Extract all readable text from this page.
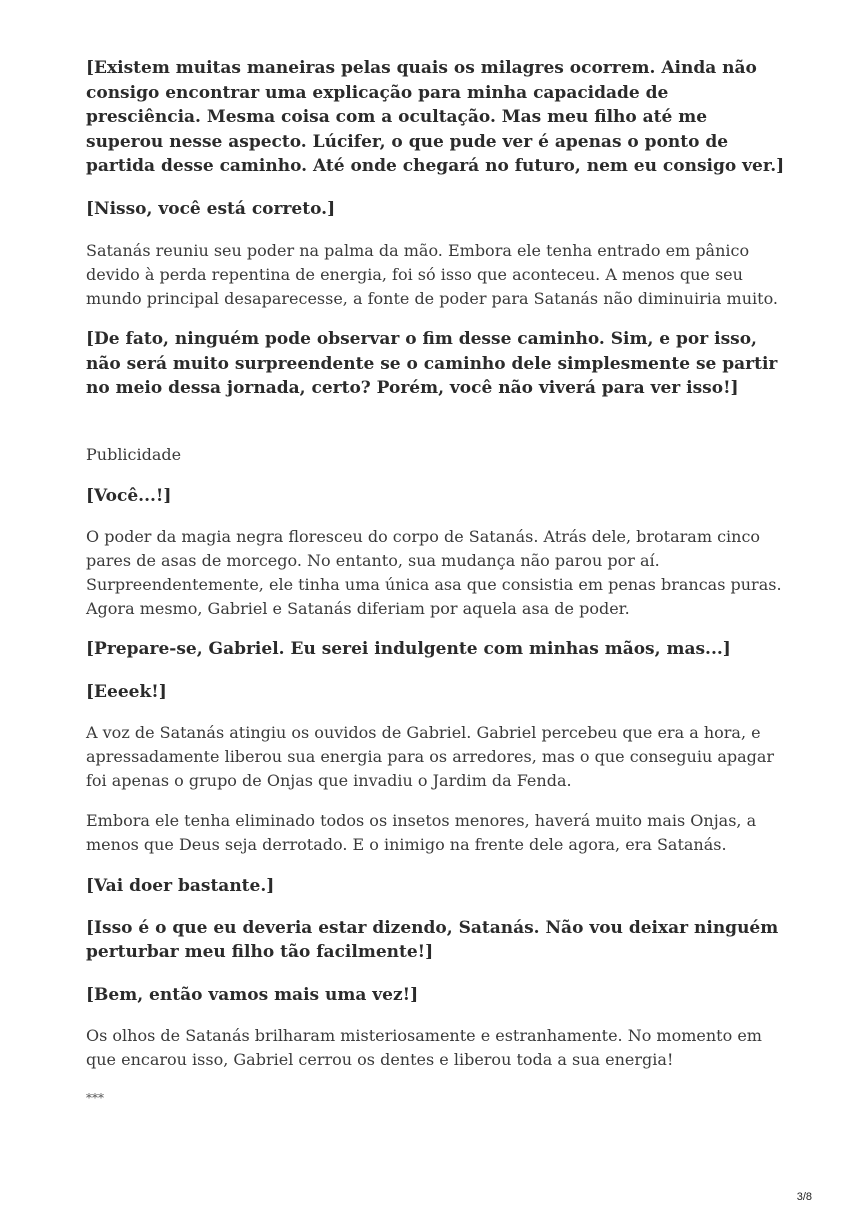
[Existem muitas maneiras pelas quais os milagres ocorrem. Ainda não consigo encontrar uma explicação para minha capacidade de presciência. Mesma coisa com a ocultação. Mas meu filho até me superou nesse aspecto. Lúcifer, o que pude ver é apenas o ponto de partida desse caminho. Até onde chegará no futuro, nem eu consigo ver.]

[Nisso, você está correto.]

Satanás reuniu seu poder na palma da mão. Embora ele tenha entrado em pânico devido à perda repentina de energia, foi só isso que aconteceu. A menos que seu mundo principal desaparecesse, a fonte de poder para Satanás não diminuiria muito.

[De fato, ninguém pode observar o fim desse caminho. Sim, e por isso, não será muito surpreendente se o caminho dele simplesmente se partir no meio dessa jornada, certo? Porém, você não viverá para ver isso!]

Publicidade

[Você...!]

O poder da magia negra floresceu do corpo de Satanás. Atrás dele, brotaram cinco pares de asas de morcego. No entanto, sua mudança não parou por aí. Surpreendentemente, ele tinha uma única asa que consistia em penas brancas puras. Agora mesmo, Gabriel e Satanás diferiam por aquela asa de poder.

[Prepare-se, Gabriel. Eu serei indulgente com minhas mãos, mas...]

[Eeeek!]

A voz de Satanás atingiu os ouvidos de Gabriel. Gabriel percebeu que era a hora, e apressadamente liberou sua energia para os arredores, mas o que conseguiu apagar foi apenas o grupo de Onjas que invadiu o Jardim da Fenda.

Embora ele tenha eliminado todos os insetos menores, haverá muito mais Onjas, a menos que Deus seja derrotado. E o inimigo na frente dele agora, era Satanás.

[Vai doer bastante.]

[Isso é o que eu deveria estar dizendo, Satanás. Não vou deixar ninguém perturbar meu filho tão facilmente!]

[Bem, então vamos mais uma vez!]

Os olhos de Satanás brilharam misteriosamente e estranhamente. No momento em que encarou isso, Gabriel cerrou os dentes e liberou toda a sua energia!

***

3/8
